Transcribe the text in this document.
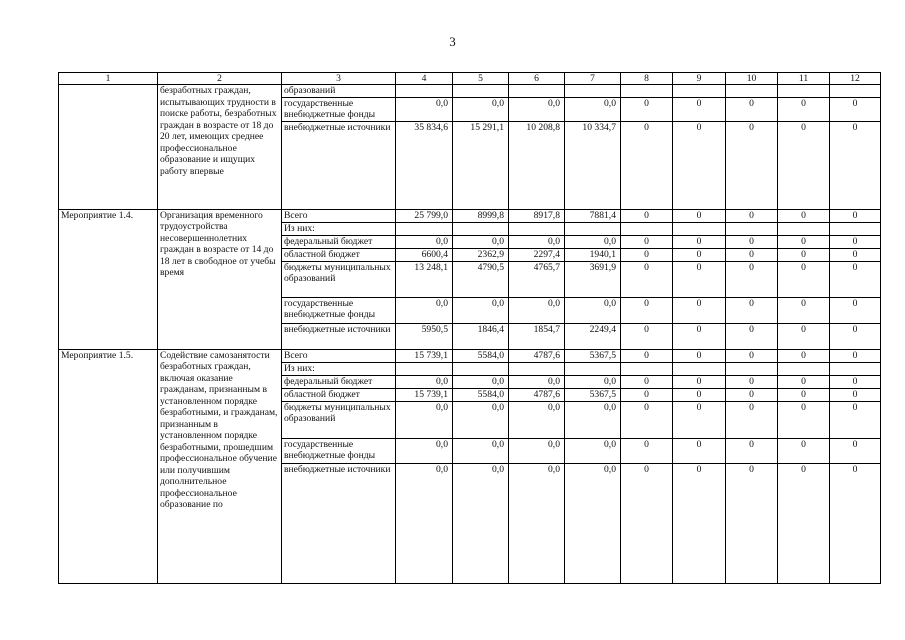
3
1	2	3	4	5	6	7	8	9	10	11	12
	безработных граждан, испытывающих трудности в поиске работы, безработных граждан в возрасте от 18 до 20 лет, имеющих среднее профессиональное образование и ищущих работу впервые	образований									
		государственные внебюджетные фонды	0,0	0,0	0,0	0,0	0	0	0	0	0
		внебюджетные источники	35 834,6	15 291,1	10 208,8	10 334,7	0	0	0	0	0
Мероприятие 1.4.	Организация временного трудоустройства несовершеннолетних граждан в возрасте от 14 до 18 лет в свободное от учебы время	Всего	25 799,0	8999,8	8917,8	7881,4	0	0	0	0	0
		Из них:									
		федеральный бюджет	0,0	0,0	0,0	0,0	0	0	0	0	0
		областной бюджет	6600,4	2362,9	2297,4	1940,1	0	0	0	0	0
		бюджеты муниципальных образований	13 248,1	4790,5	4765,7	3691,9	0	0	0	0	0
		государственные внебюджетные фонды	0,0	0,0	0,0	0,0	0	0	0	0	0
		внебюджетные источники	5950,5	1846,4	1854,7	2249,4	0	0	0	0	0
Мероприятие 1.5.	Содействие самозанятости безработных граждан, включая оказание гражданам, признанным в установленном порядке безработными, и гражданам, признанным в установленном порядке безработными, прошедшим профессиональное обучение или получившим дополнительное профессиональное образование по	Всего	15 739,1	5584,0	4787,6	5367,5	0	0	0	0	0
		Из них:									
		федеральный бюджет	0,0	0,0	0,0	0,0	0	0	0	0	0
		областной бюджет	15 739,1	5584,0	4787,6	5367,5	0	0	0	0	0
		бюджеты муниципальных образований	0,0	0,0	0,0	0,0	0	0	0	0	0
		государственные внебюджетные фонды	0,0	0,0	0,0	0,0	0	0	0	0	0
		внебюджетные источники	0,0	0,0	0,0	0,0	0	0	0	0	0
